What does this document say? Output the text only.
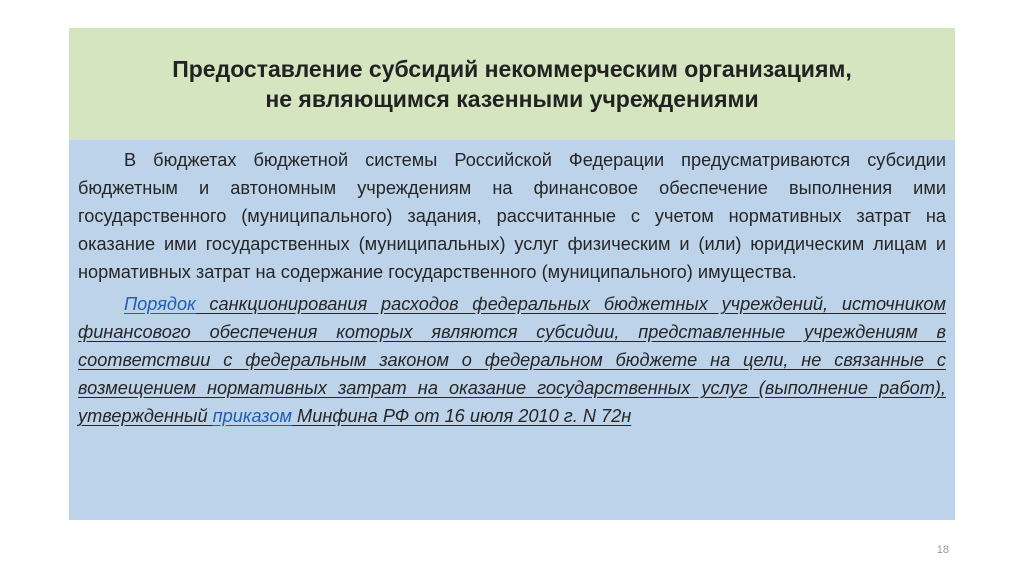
Предоставление субсидий некоммерческим организациям,
не являющимся казенными учреждениями

В бюджетах бюджетной системы Российской Федерации предусматриваются субсидии бюджетным и автономным учреждениям на финансовое обеспечение выполнения ими государственного (муниципального) задания, рассчитанные с учетом нормативных затрат на оказание ими государственных (муниципальных) услуг физическим и (или) юридическим лицам и нормативных затрат на содержание государственного (муниципального) имущества.

Порядок санкционирования расходов федеральных бюджетных учреждений, источником финансового обеспечения которых являются субсидии, представленные учреждениям в соответствии с федеральным законом о федеральном бюджете на цели, не связанные с возмещением нормативных затрат на оказание государственных услуг (выполнение работ), утвержденный приказом Минфина РФ от 16 июля 2010 г. N 72н

18
